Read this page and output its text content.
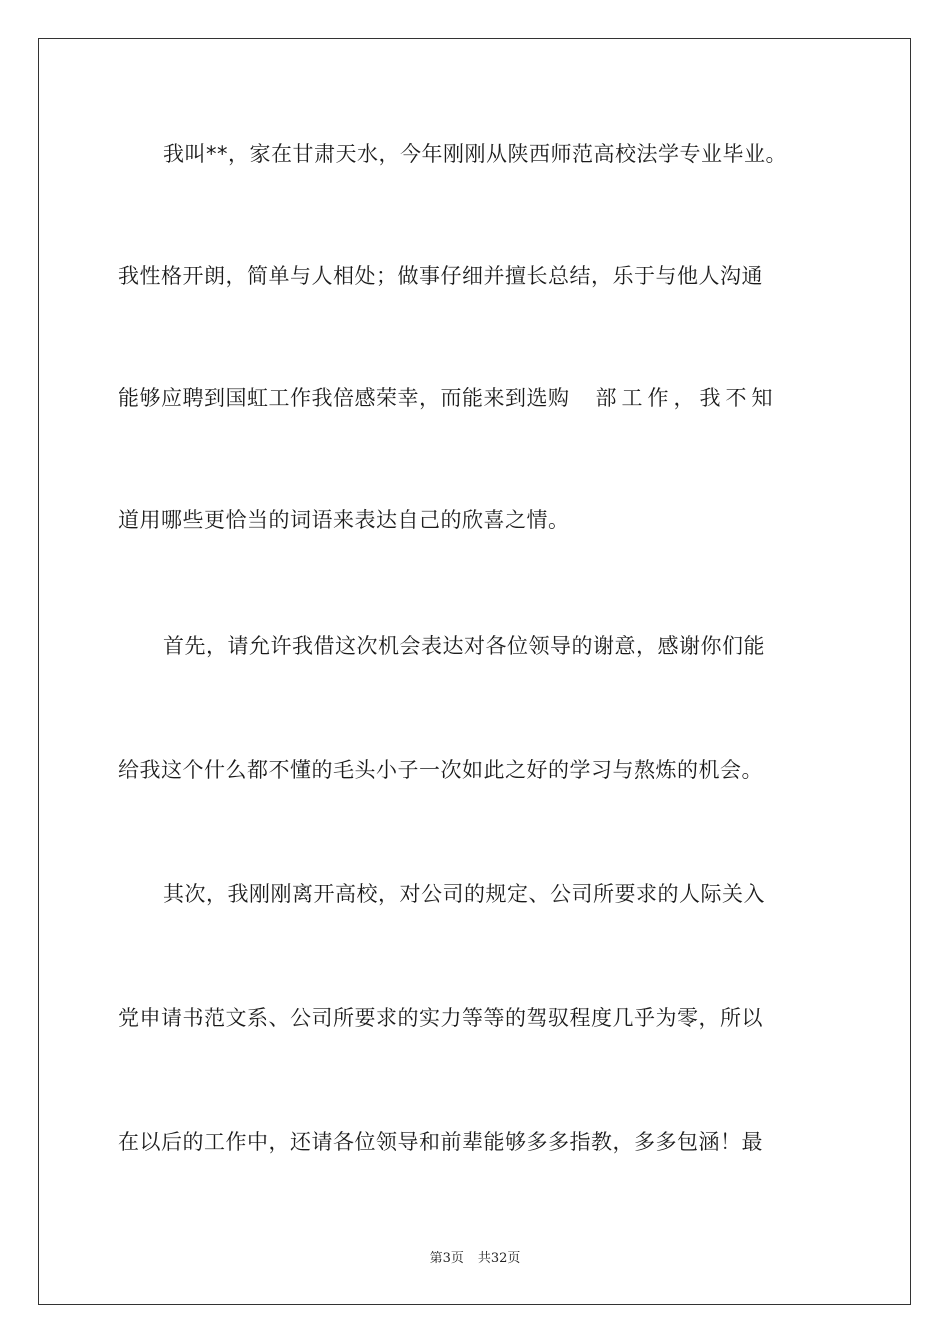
我叫**，家在甘肃天水，今年刚刚从陕西师范高校法学专业毕业。
我性格开朗，简单与人相处；做事仔细并擅长总结，乐于与他人沟通
能够应聘到国虹工作我倍感荣幸，而能来到选购 部工作，我不知
道用哪些更恰当的词语来表达自己的欣喜之情。
首先，请允许我借这次机会表达对各位领导的谢意，感谢你们能
给我这个什么都不懂的毛头小子一次如此之好的学习与熬炼的机会。
其次，我刚刚离开高校，对公司的规定、公司所要求的人际关入
党申请书范文系、公司所要求的实力等等的驾驭程度几乎为零，所以
在以后的工作中，还请各位领导和前辈能够多多指教，多多包涵！最
第3页 共32页
